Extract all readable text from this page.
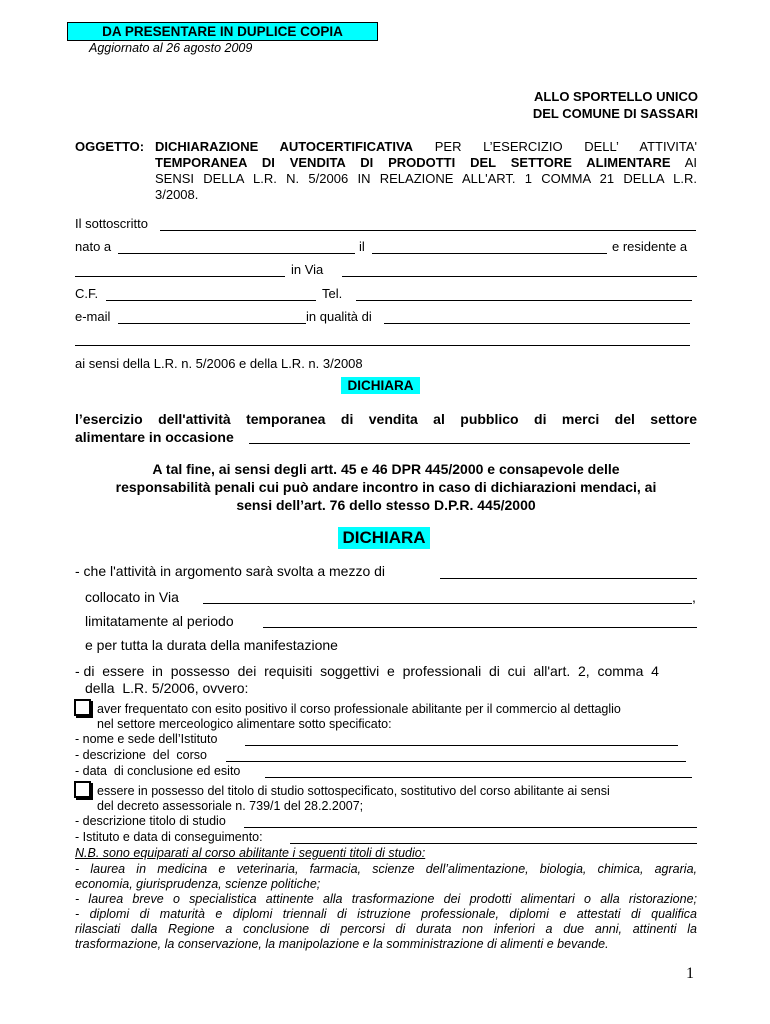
DA PRESENTARE IN DUPLICE COPIA
Aggiornato al 26 agosto 2009
ALLO SPORTELLO UNICO
DEL COMUNE DI SASSARI
OGGETTO: DICHIARAZIONE AUTOCERTIFICATIVA PER L’ESERCIZIO DELL’ ATTIVITA'
TEMPORANEA DI VENDITA DI PRODOTTI DEL SETTORE ALIMENTARE AI
SENSI DELLA L.R. N. 5/2006 IN RELAZIONE ALL'ART. 1 COMMA 21 DELLA L.R.
3/2008.
Il sottoscritto
nato a	il	e residente a
in Via
C.F.	Tel.
e-mail	in qualità di
ai sensi della L.R. n. 5/2006 e della L.R. n. 3/2008
DICHIARA
l’esercizio dell'attività temporanea di vendita al pubblico di merci del settore
alimentare in occasione
A tal fine, ai sensi degli artt. 45 e 46 DPR 445/2000 e consapevole delle
responsabilità penali cui può andare incontro in caso di dichiarazioni mendaci, ai
sensi dell’art. 76 dello stesso D.P.R. 445/2000
DICHIARA
- che l'attività in argomento sarà svolta a mezzo di
collocato in Via	,
limitatamente al periodo
e per tutta la durata della manifestazione
- di  essere  in  possesso  dei  requisiti  soggettivi  e  professionali  di  cui  all'art.  2,  comma  4
della  L.R. 5/2006, ovvero:
aver frequentato con esito positivo il corso professionale abilitante per il commercio al dettaglio
nel settore merceologico alimentare sotto specificato:
- nome e sede dell’Istituto
- descrizione  del  corso
- data  di conclusione ed esito
essere in possesso del titolo di studio sottospecificato, sostitutivo del corso abilitante ai sensi
del decreto assessoriale n. 739/1 del 28.2.2007;
- descrizione titolo di studio
- Istituto e data di conseguimento:
N.B. sono equiparati al corso abilitante i seguenti titoli di studio:
- laurea in medicina e veterinaria, farmacia, scienze dell’alimentazione, biologia, chimica, agraria,
economia, giurisprudenza, scienze politiche;
- laurea breve o specialistica attinente alla trasformazione dei prodotti alimentari o alla ristorazione;
- diplomi di maturità e diplomi triennali di istruzione professionale, diplomi e attestati di qualifica
rilasciati dalla Regione a conclusione di percorsi di durata non inferiori a due anni, attinenti la
trasformazione, la conservazione, la manipolazione e la somministrazione di alimenti e bevande.
1
